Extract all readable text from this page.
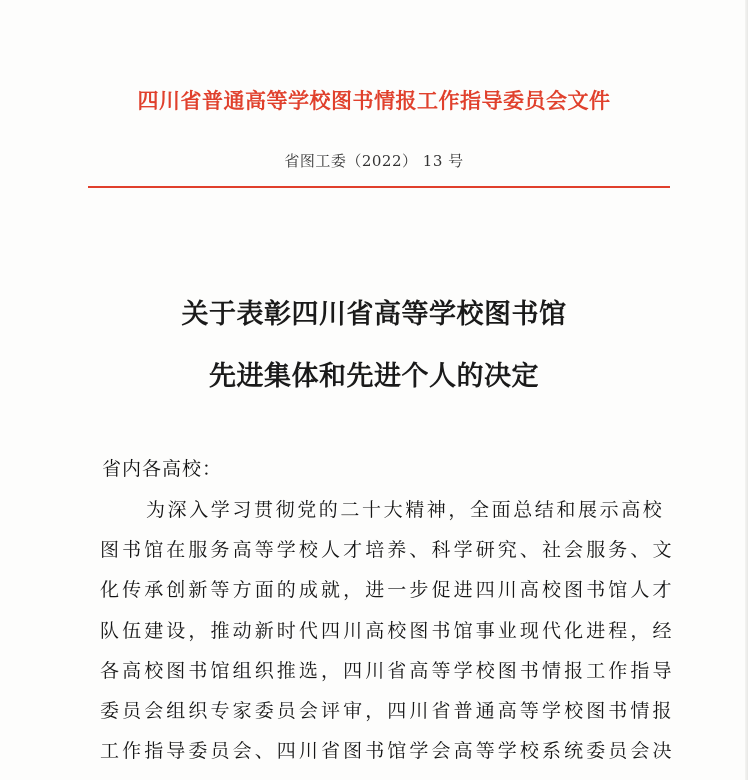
四川省普通高等学校图书情报工作指导委员会文件
省图工委（2022） 13 号
关于表彰四川省高等学校图书馆
先进集体和先进个人的决定
省内各高校：
为深入学习贯彻党的二十大精神，全面总结和展示高校
图书馆在服务高等学校人才培养、科学研究、社会服务、文
化传承创新等方面的成就，进一步促进四川高校图书馆人才
队伍建设，推动新时代四川高校图书馆事业现代化进程，经
各高校图书馆组织推选，四川省高等学校图书情报工作指导
委员会组织专家委员会评审，四川省普通高等学校图书情报
工作指导委员会、四川省图书馆学会高等学校系统委员会决
